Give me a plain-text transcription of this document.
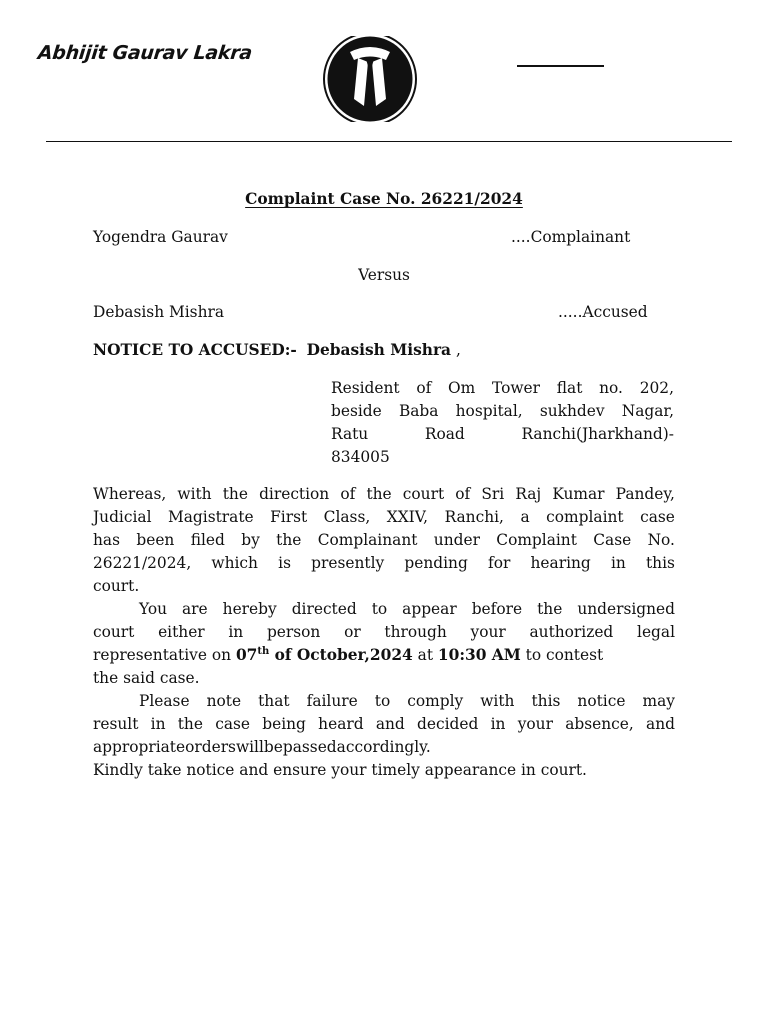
Abhijit Gaurav Lakra
Complaint Case No. 26221/2024
Yogendra Gaurav	....Complainant
Versus
Debasish Mishra	.....Accused
NOTICE TO ACCUSED:- Debasish Mishra ,
Resident of Om Tower flat no. 202,
beside Baba hospital, sukhdev Nagar,
Ratu	Road	Ranchi(Jharkhand)-
834005
Whereas, with the direction of the court of Sri Raj Kumar Pandey,
Judicial Magistrate First Class, XXIV, Ranchi, a complaint case
has been filed by the Complainant under Complaint Case No.
26221/2024, which is presently pending for hearing in this
court.
You are hereby directed to appear before the undersigned
court either in person or through your authorized legal
representative on 07th of October,2024 at 10:30 AM to contest
the said case.
Please note that failure to comply with this notice may
result in the case being heard and decided in your absence, and
appropriate orders will be passed accordingly.
Kindly take notice and ensure your timely appearance in court.
